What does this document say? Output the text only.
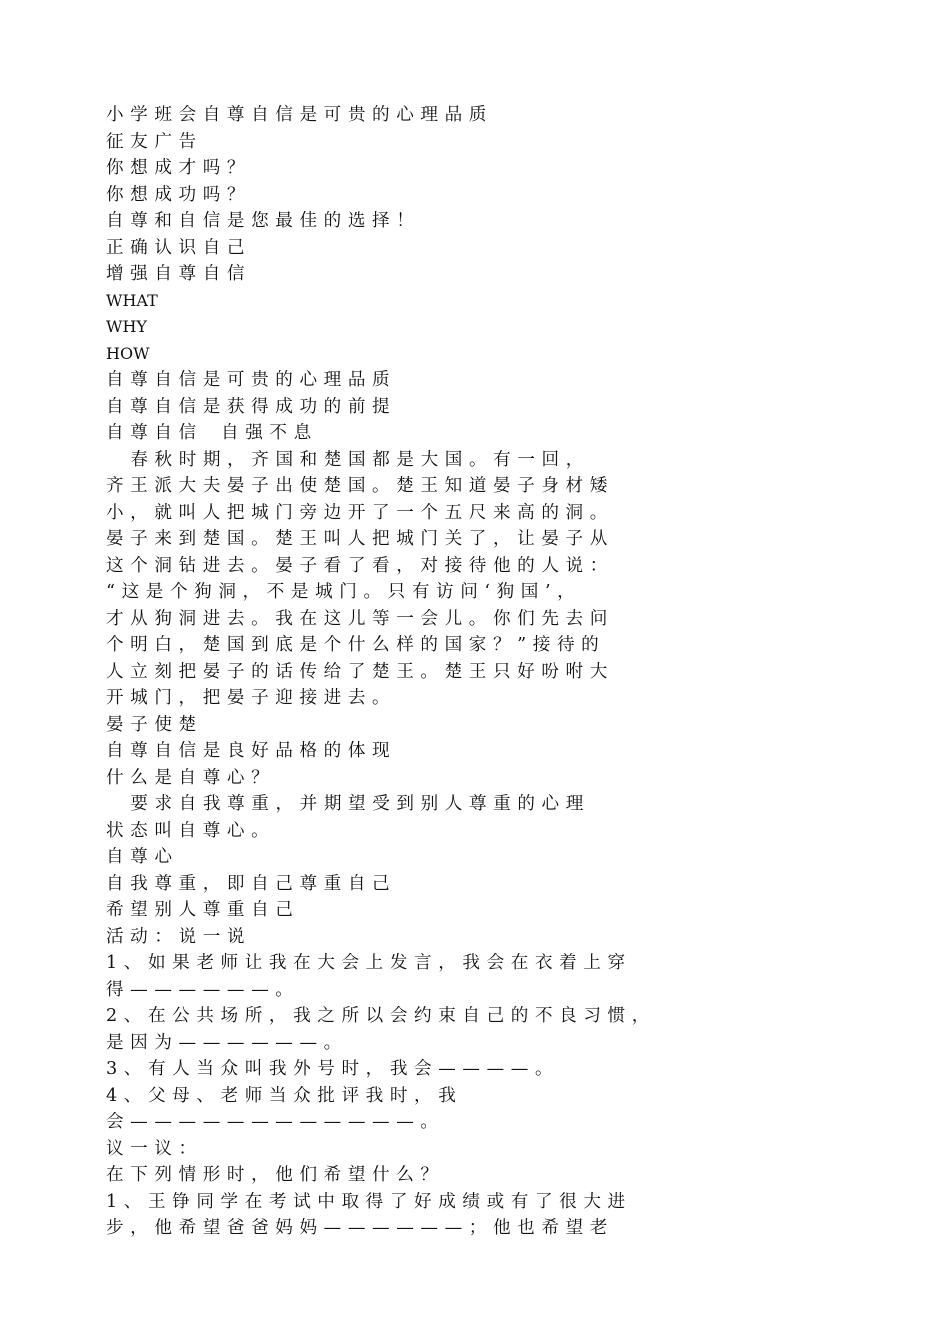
小 学 班 会 自 尊 自 信 是 可 贵 的 心 理 品 质
征 友 广 告
你 想 成 才 吗 ？
你 想 成 功 吗 ？
自 尊 和 自 信 是 您 最 佳 的 选 择 ！
正 确 认 识 自 己
增 强 自 尊 自 信
WHAT
WHY
HOW
自 尊 自 信 是 可 贵 的 心 理 品 质
自 尊 自 信 是 获 得 成 功 的 前 提
自 尊 自 信    自 强 不 息
春 秋 时 期 ， 齐 国 和 楚 国 都 是 大 国 。 有 一 回 ，
齐 王 派 大 夫 晏 子 出 使 楚 国 。 楚 王 知 道 晏 子 身 材 矮
小 ， 就 叫 人 把 城 门 旁 边 开 了 一 个 五 尺 来 高 的 洞 。
晏 子 来 到 楚 国 。 楚 王 叫 人 把 城 门 关 了 ， 让 晏 子 从
这 个 洞 钻 进 去 。 晏 子 看 了 看 ， 对 接 待 他 的 人 说 ：
“ 这 是 个 狗 洞 ， 不 是 城 门 。 只 有 访 问 ‘ 狗 国 ’ ，
才 从 狗 洞 进 去 。 我 在 这 儿 等 一 会 儿 。 你 们 先 去 问
个 明 白 ， 楚 国 到 底 是 个 什 么 样 的 国 家 ？ ” 接 待 的
人 立 刻 把 晏 子 的 话 传 给 了 楚 王 。 楚 王 只 好 吩 咐 大
开 城 门 ， 把 晏 子 迎 接 进 去 。
晏 子 使 楚
自 尊 自 信 是 良 好 品 格 的 体 现
什 么 是 自 尊 心 ？
要 求 自 我 尊 重 ， 并 期 望 受 到 别 人 尊 重 的 心 理
状 态 叫 自 尊 心 。
自 尊 心
自 我 尊 重 ， 即 自 己 尊 重 自 己
希 望 别 人 尊 重 自 己
活 动 ： 说 一 说
1 、 如 果 老 师 让 我 在 大 会 上 发 言 ， 我 会 在 衣 着 上 穿
得 — — — — — — 。
2 、 在 公 共 场 所 ， 我 之 所 以 会 约 束 自 己 的 不 良 习 惯 ，
是 因 为 — — — — — — 。
3 、 有 人 当 众 叫 我 外 号 时 ， 我 会 — — — — 。
4 、 父 母 、 老 师 当 众 批 评 我 时 ， 我
会 — — — — — — — — — — — — 。
议 一 议 ：
在 下 列 情 形 时 ， 他 们 希 望 什 么 ？
1 、 王 铮 同 学 在 考 试 中 取 得 了 好 成 绩 或 有 了 很 大 进
步 ， 他 希 望 爸 爸 妈 妈 — — — — — — ； 他 也 希 望 老
